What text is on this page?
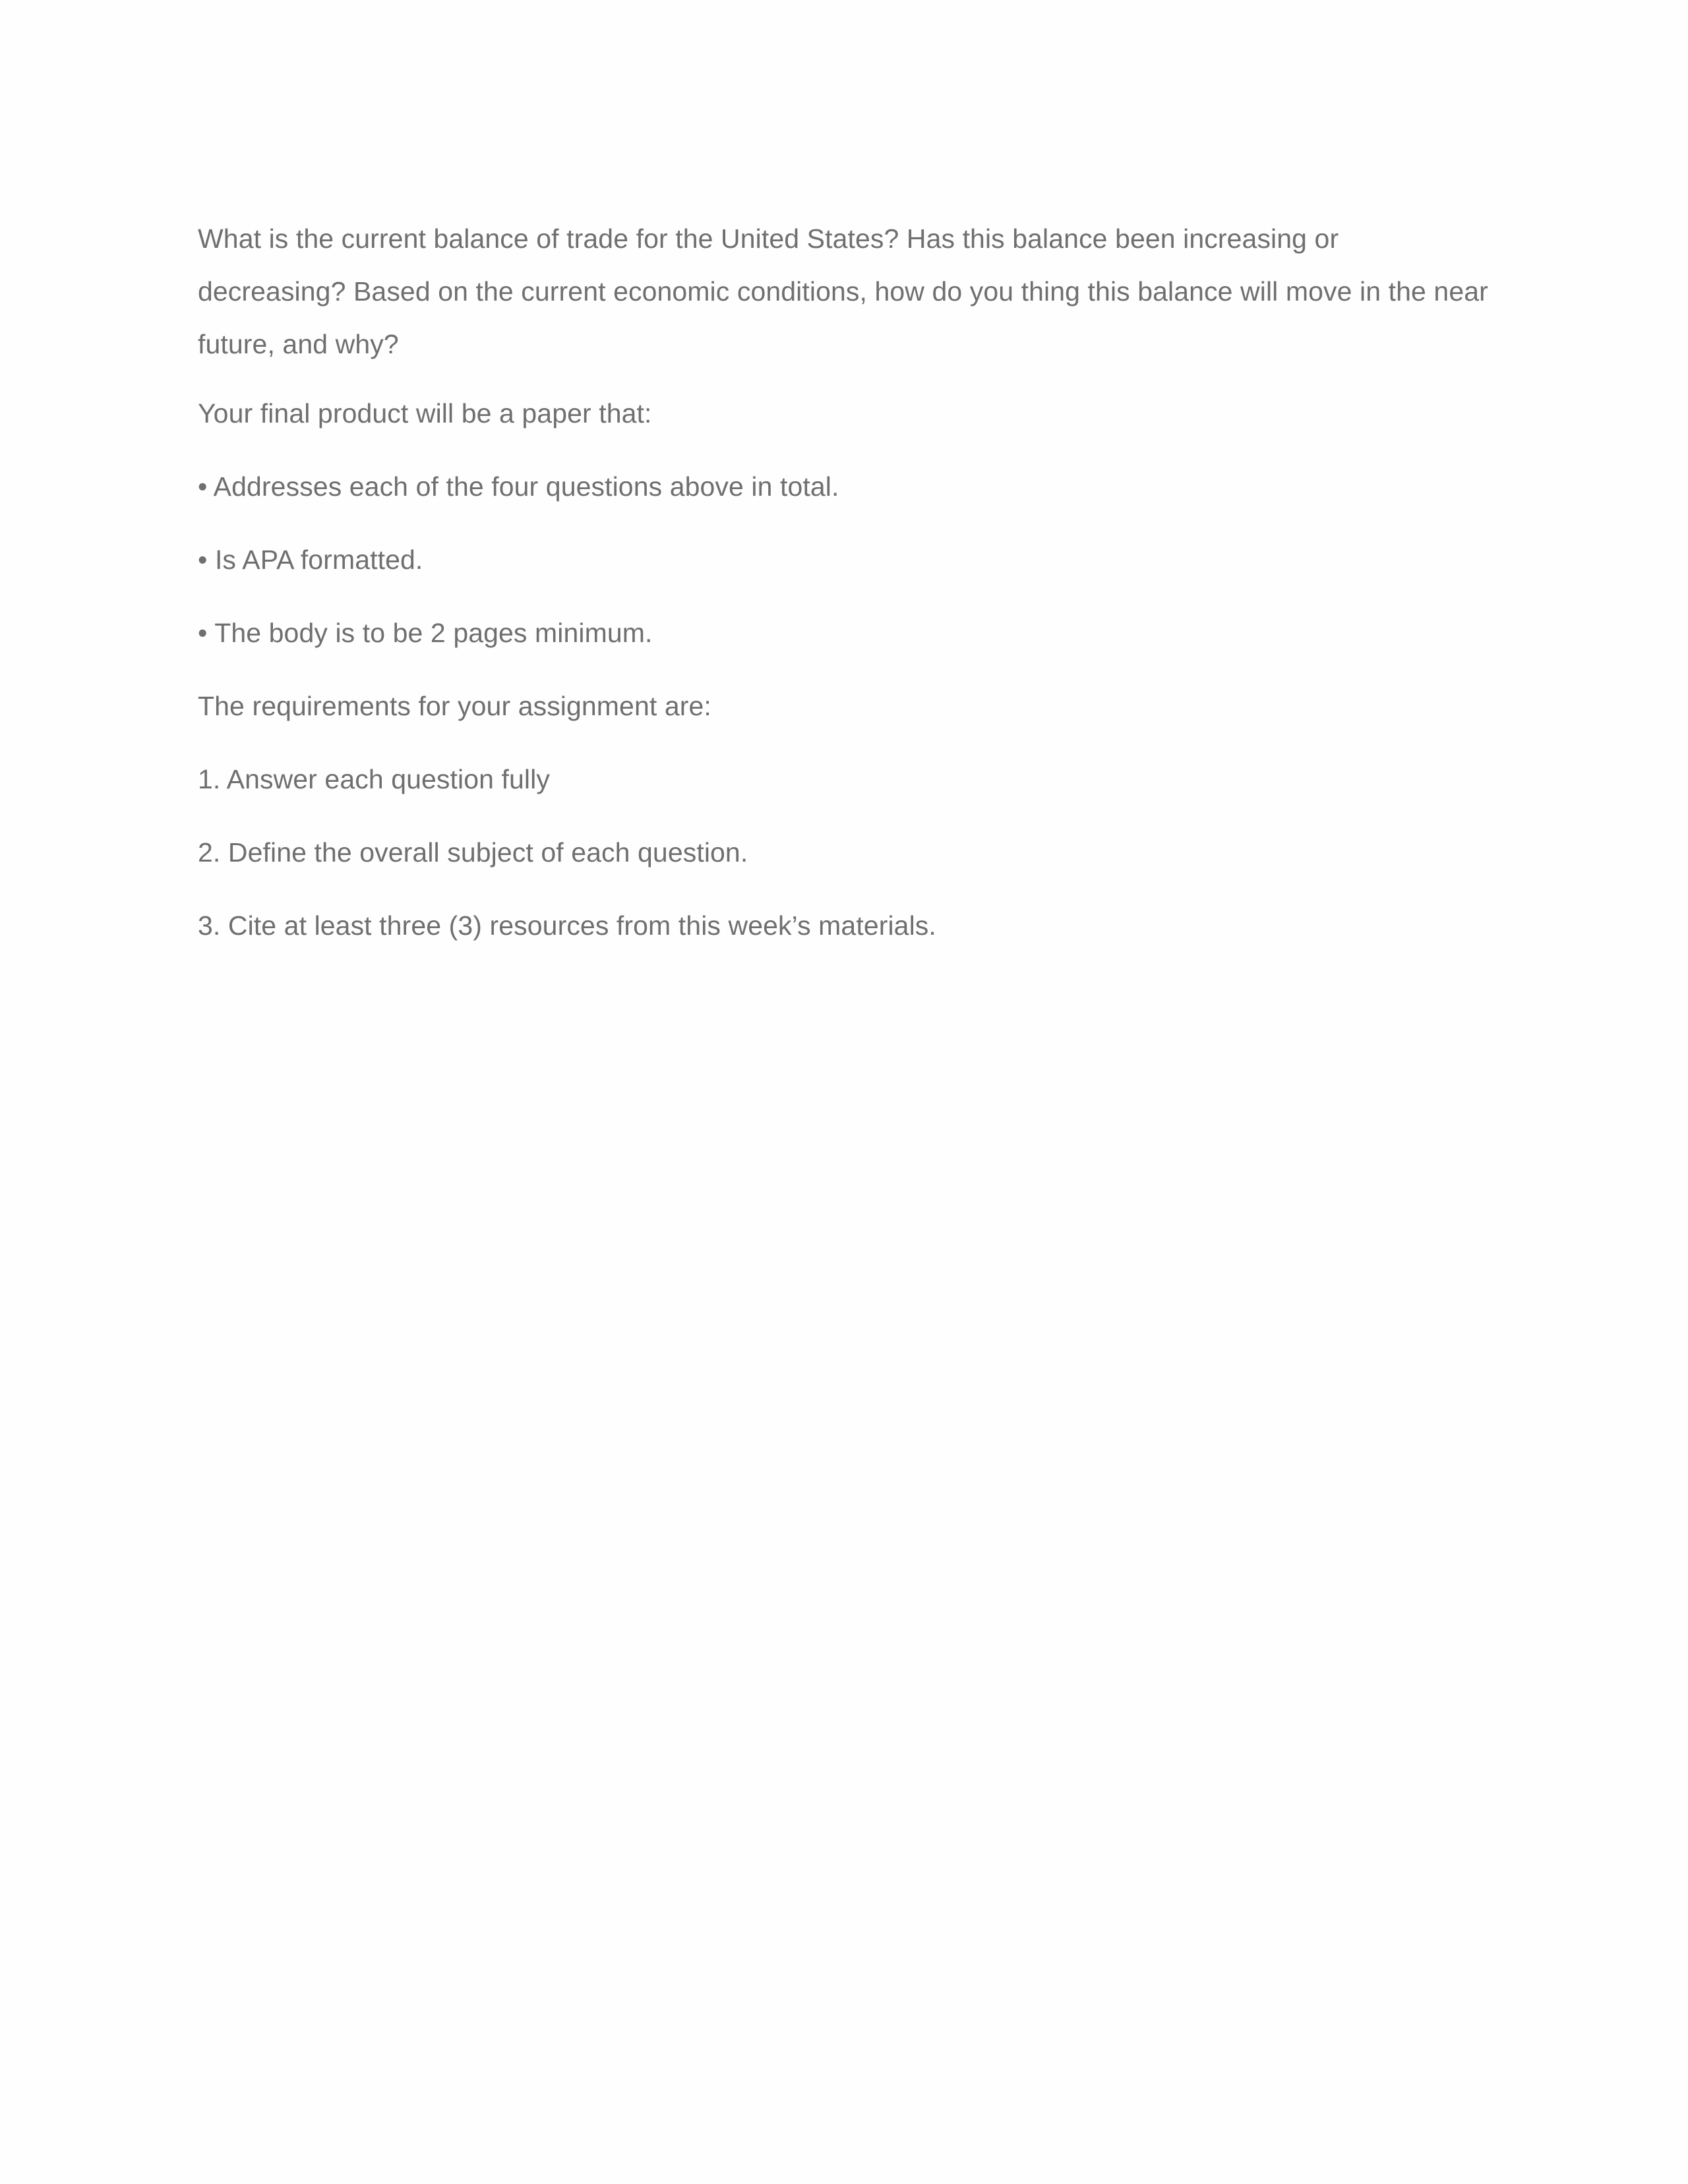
What is the current balance of trade for the United States? Has this balance been increasing or decreasing? Based on the current economic conditions, how do you thing this balance will move in the near future, and why?

Your final product will be a paper that:

• Addresses each of the four questions above in total.

• Is APA formatted.

• The body is to be 2 pages minimum.

The requirements for your assignment are:

1. Answer each question fully

2. Define the overall subject of each question.

3. Cite at least three (3) resources from this week’s materials.
